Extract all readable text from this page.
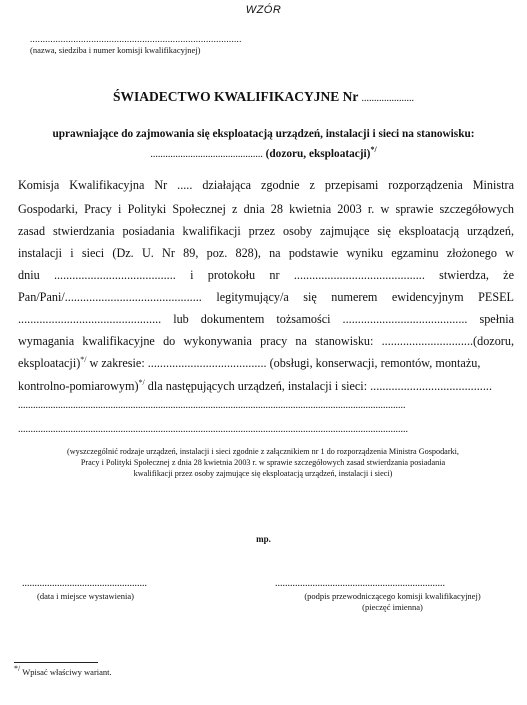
WZÓR
...................................................................................
(nazwa, siedziba i numer komisji kwalifikacyjnej)
ŚWIADECTWO KWALIFIKACYJNE Nr .....................
uprawniające do zajmowania się eksploatacją urządzeń, instalacji i sieci na stanowisku:
............................................. (dozoru, eksploatacji)*/
Komisja Kwalifikacyjna Nr ..... działająca zgodnie z przepisami rozporządzenia Ministra
Gospodarki, Pracy i Polityki Społecznej z dnia 28 kwietnia 2003 r. w sprawie szczegółowych
zasad stwierdzania posiadania kwalifikacji przez osoby zajmujące się eksploatacją urządzeń,
instalacji i sieci (Dz. U. Nr 89, poz. 828), na podstawie wyniku egzaminu złożonego w
dniu ........................................ i protokołu nr ........................................... stwierdza, że
Pan/Pani/............................................. legitymujący/a się numerem ewidencyjnym PESEL
............................................... lub dokumentem tożsamości ......................................... spełnia
wymagania kwalifikacyjne do wykonywania pracy na stanowisku: ..............................(dozoru,
eksploatacji)*/ w zakresie: ....................................... (obsługi, konserwacji, remontów, montażu,
kontrolno-pomiarowym)*/ dla następujących urządzeń, instalacji i sieci: ........................................
...........................................................................................................................................................
............................................................................................................................................................
(wyszczególnić rodzaje urządzeń, instalacji i sieci zgodnie z załącznikiem nr 1 do rozporządzenia Ministra Gospodarki,
Pracy i Polityki Społecznej z dnia 28 kwietnia 2003 r. w sprawie szczegółowych zasad stwierdzania posiadania
kwalifikacji przez osoby zajmujące się eksploatacją urządzeń, instalacji i sieci)
mp.
..................................................
(data i miejsce wystawienia)
....................................................................
(podpis przewodniczącego komisji kwalifikacyjnej)
(pieczęć imienna)
*/ Wpisać właściwy wariant.
